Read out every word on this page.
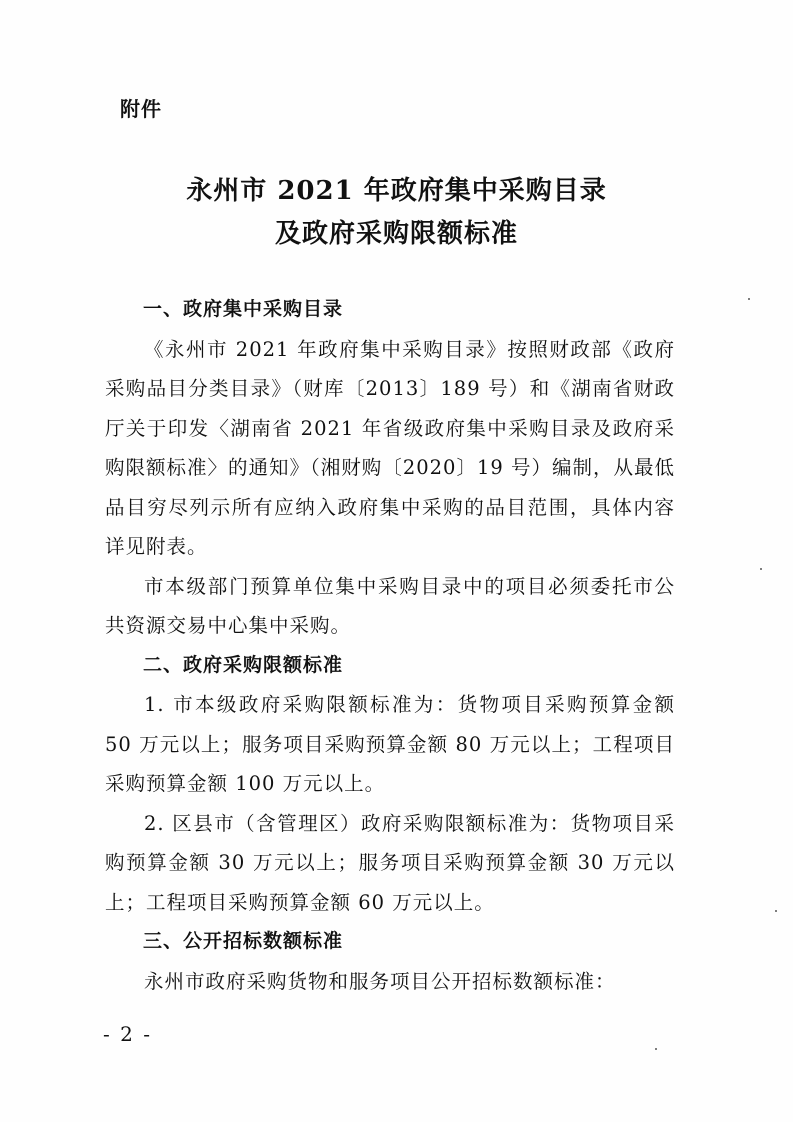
附件
永州市 2021 年政府集中采购目录
及政府采购限额标准

一、政府集中采购目录

《永州市 2021 年政府集中采购目录》按照财政部《政府采购品目分类目录》（财库〔2013〕189 号）和《湖南省财政厅关于印发〈湖南省 2021 年省级政府集中采购目录及政府采购限额标准〉的通知》（湘财购〔2020〕19 号）编制，从最低品目穷尽列示所有应纳入政府集中采购的品目范围，具体内容详见附表。

市本级部门预算单位集中采购目录中的项目必须委托市公共资源交易中心集中采购。

二、政府采购限额标准

1. 市本级政府采购限额标准为：货物项目采购预算金额 50 万元以上；服务项目采购预算金额 80 万元以上；工程项目采购预算金额 100 万元以上。

2. 区县市（含管理区）政府采购限额标准为：货物项目采购预算金额 30 万元以上；服务项目采购预算金额 30 万元以上；工程项目采购预算金额 60 万元以上。

三、公开招标数额标准

永州市政府采购货物和服务项目公开招标数额标准：

- 2 -
